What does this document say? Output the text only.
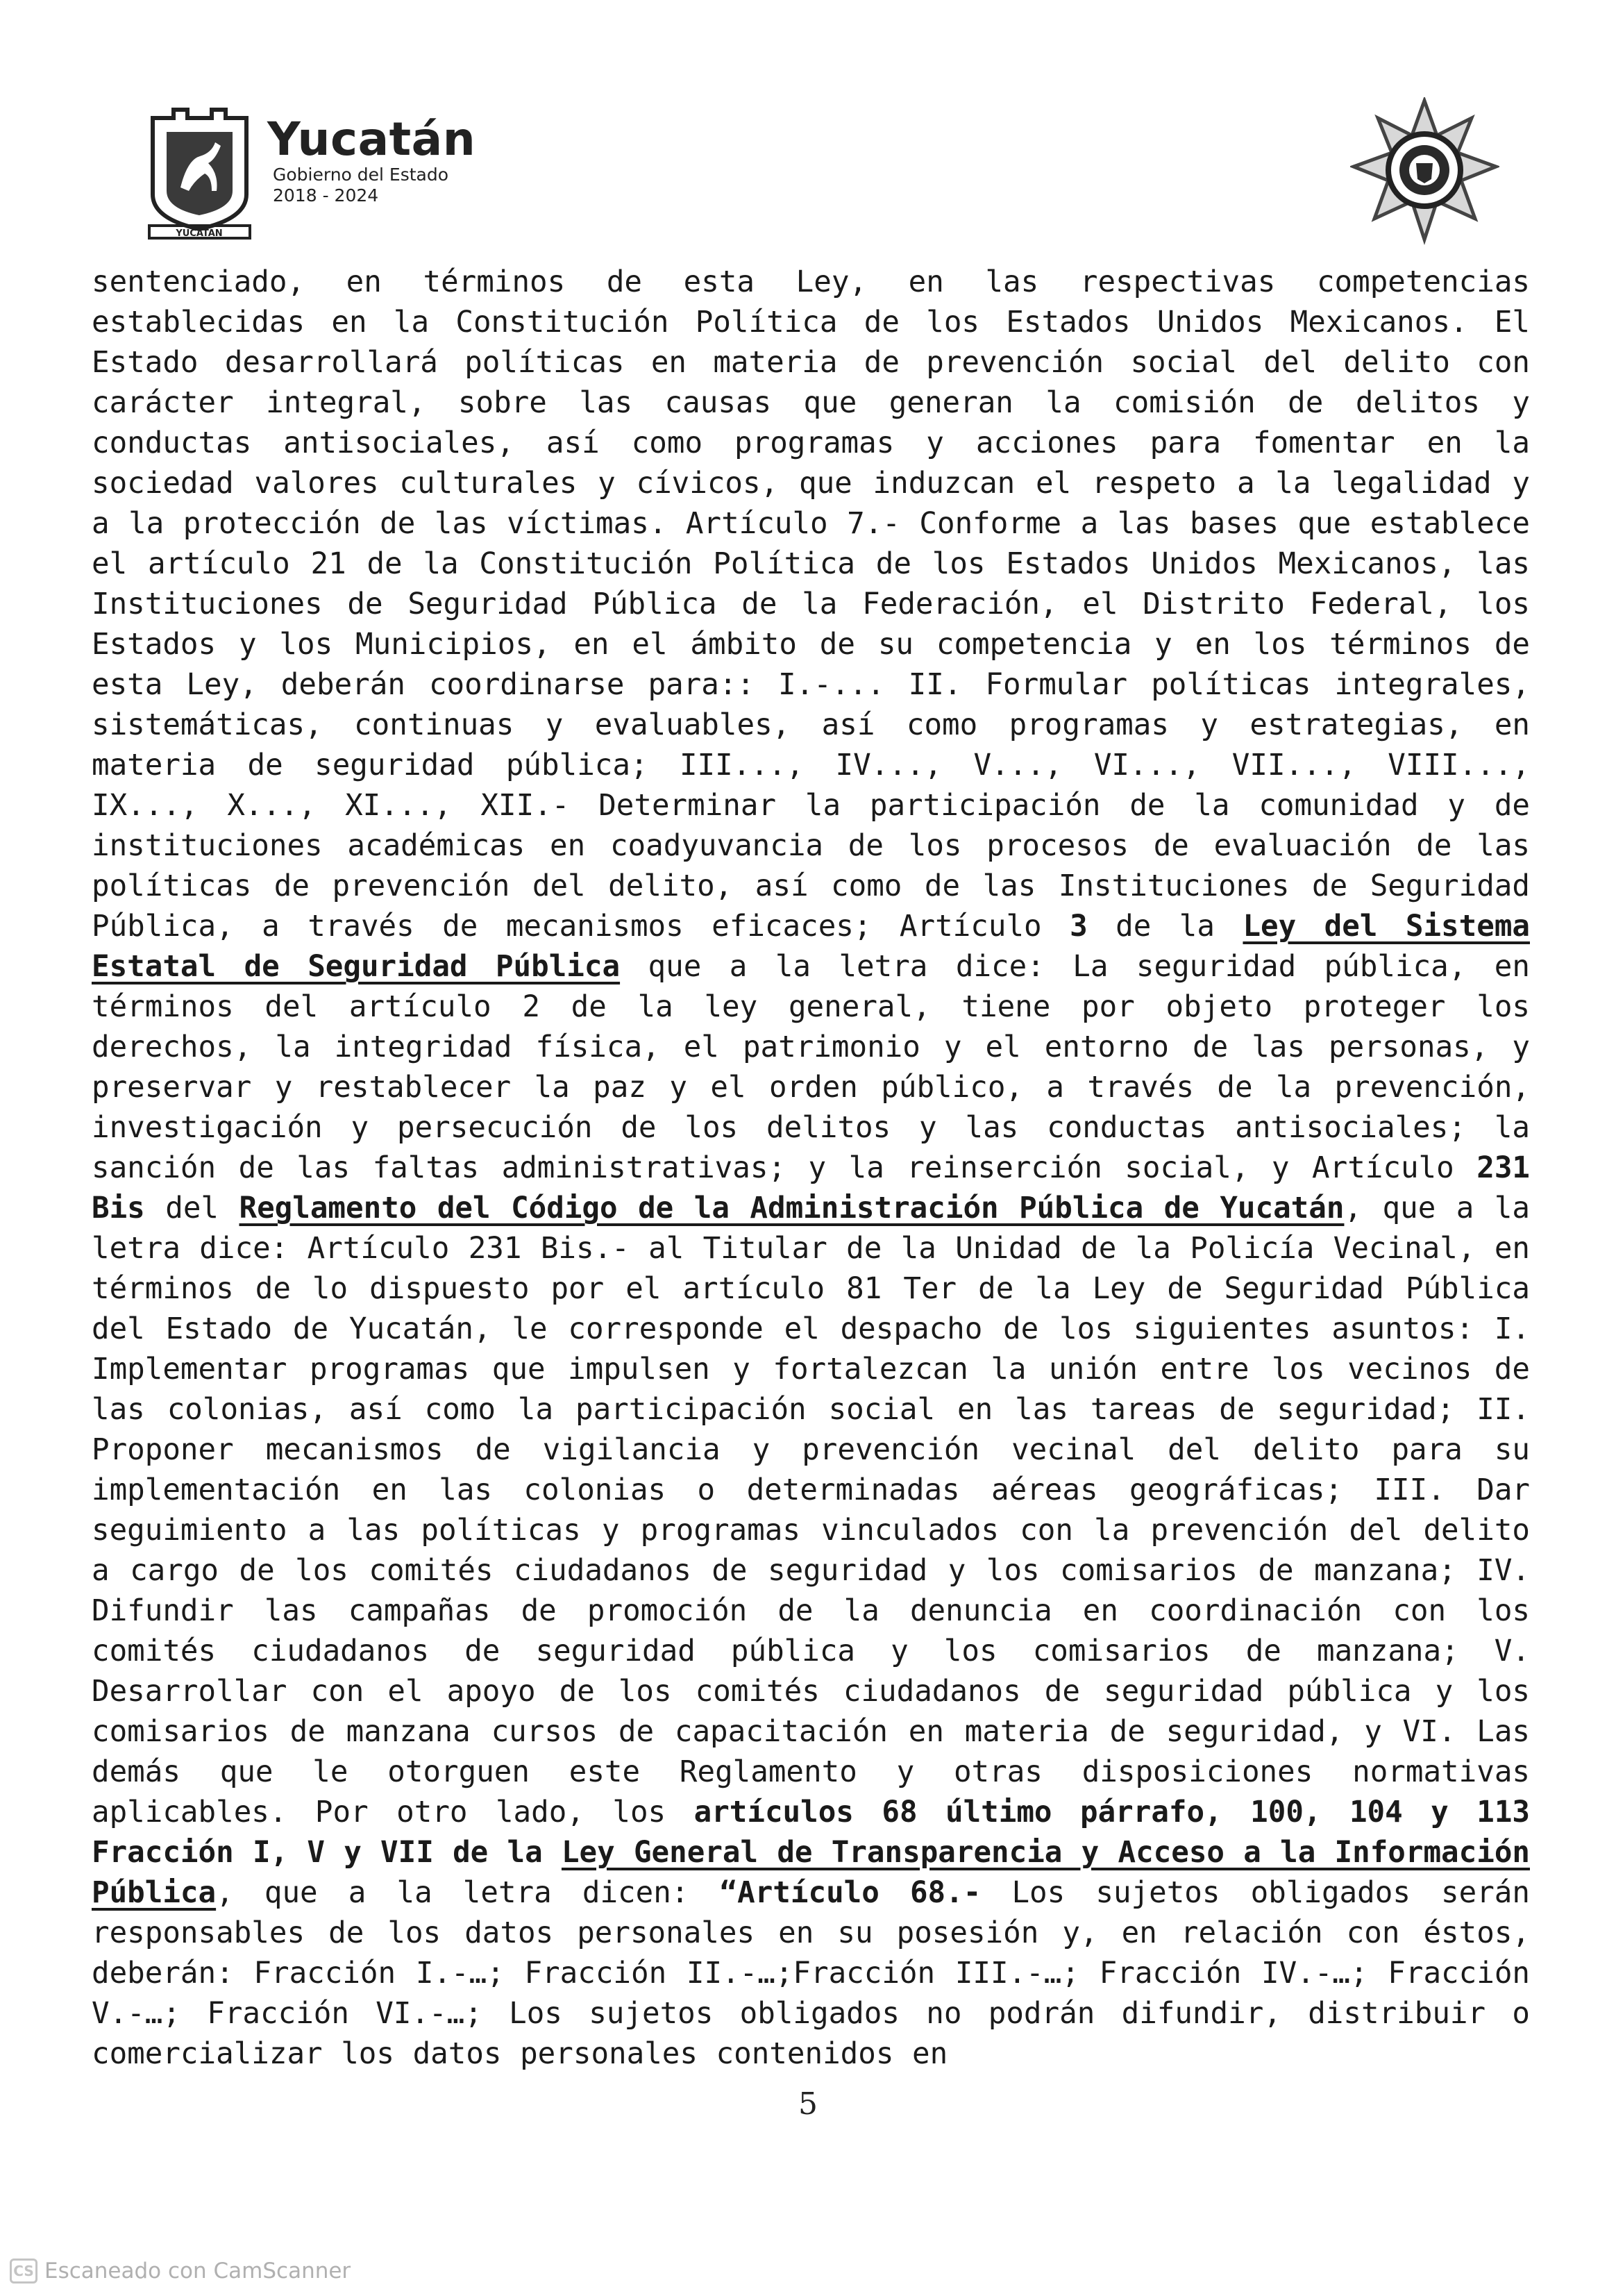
YUCATAN
Yucatán
Gobierno del Estado
2018 - 2024

sentenciado, en términos de esta Ley, en las respectivas competencias establecidas en la Constitución Política de los Estados Unidos Mexicanos. El Estado desarrollará políticas en materia de prevención social del delito con carácter integral, sobre las causas que generan la comisión de delitos y conductas antisociales, así como programas y acciones para fomentar en la sociedad valores culturales y cívicos, que induzcan el respeto a la legalidad y a la protección de las víctimas. Artículo 7.- Conforme a las bases que establece el artículo 21 de la Constitución Política de los Estados Unidos Mexicanos, las Instituciones de Seguridad Pública de la Federación, el Distrito Federal, los Estados y los Municipios, en el ámbito de su competencia y en los términos de esta Ley, deberán coordinarse para:: I.-... II. Formular políticas integrales, sistemáticas, continuas y evaluables, así como programas y estrategias, en materia de seguridad pública; III..., IV..., V..., VI..., VII..., VIII..., IX..., X..., XI..., XII.- Determinar la participación de la comunidad y de instituciones académicas en coadyuvancia de los procesos de evaluación de las políticas de prevención del delito, así como de las Instituciones de Seguridad Pública, a través de mecanismos eficaces; Artículo 3 de la Ley del Sistema Estatal de Seguridad Pública que a la letra dice: La seguridad pública, en términos del artículo 2 de la ley general, tiene por objeto proteger los derechos, la integridad física, el patrimonio y el entorno de las personas, y preservar y restablecer la paz y el orden público, a través de la prevención, investigación y persecución de los delitos y las conductas antisociales; la sanción de las faltas administrativas; y la reinserción social, y Artículo 231 Bis del Reglamento del Código de la Administración Pública de Yucatán, que a la letra dice: Artículo 231 Bis.- al Titular de la Unidad de la Policía Vecinal, en términos de lo dispuesto por el artículo 81 Ter de la Ley de Seguridad Pública del Estado de Yucatán, le corresponde el despacho de los siguientes asuntos: I. Implementar programas que impulsen y fortalezcan la unión entre los vecinos de las colonias, así como la participación social en las tareas de seguridad; II. Proponer mecanismos de vigilancia y prevención vecinal del delito para su implementación en las colonias o determinadas aéreas geográficas; III. Dar seguimiento a las políticas y programas vinculados con la prevención del delito a cargo de los comités ciudadanos de seguridad y los comisarios de manzana; IV. Difundir las campañas de promoción de la denuncia en coordinación con los comités ciudadanos de seguridad pública y los comisarios de manzana; V. Desarrollar con el apoyo de los comités ciudadanos de seguridad pública y los comisarios de manzana cursos de capacitación en materia de seguridad, y VI. Las demás que le otorguen este Reglamento y otras disposiciones normativas aplicables. Por otro lado, los artículos 68 último párrafo, 100, 104 y 113 Fracción I, V y VII de la Ley General de Transparencia y Acceso a la Información Pública, que a la letra dicen: “Artículo 68.- Los sujetos obligados serán responsables de los datos personales en su posesión y, en relación con éstos, deberán: Fracción I.-…; Fracción II.-…;Fracción III.-…; Fracción IV.-…; Fracción V.-…; Fracción VI.-…; Los sujetos obligados no podrán difundir, distribuir o comercializar los datos personales contenidos en

5
CS Escaneado con CamScanner
